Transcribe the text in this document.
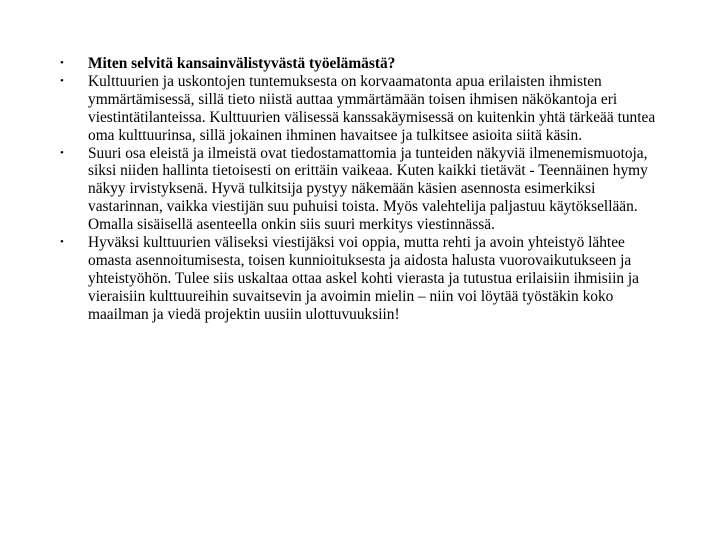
•	Miten selvitä kansainvälistyvästä työelämästä?
•	Kulttuurien ja uskontojen tuntemuksesta on korvaamatonta apua erilaisten ihmisten ymmärtämisessä, sillä tieto niistä auttaa ymmärtämään toisen ihmisen näkökantoja eri viestintätilanteissa. Kulttuurien välisessä kanssakäymisessä on kuitenkin yhtä tärkeää tuntea oma kulttuurinsa, sillä jokainen ihminen havaitsee ja tulkitsee asioita siitä käsin.
•	Suuri osa eleistä ja ilmeistä ovat tiedostamattomia ja tunteiden näkyviä ilmenemismuotoja, siksi niiden hallinta tietoisesti on erittäin vaikeaa. Kuten kaikki tietävät - Teennäinen hymy näkyy irvistyksenä. Hyvä tulkitsija pystyy näkemään käsien asennosta esimerkiksi vastarinnan, vaikka viestijän suu puhuisi toista. Myös valehtelija paljastuu käytöksellään. Omalla sisäisellä asenteella onkin siis suuri merkitys viestinnässä.
•	Hyväksi kulttuurien väliseksi viestijäksi voi oppia, mutta rehti ja avoin yhteistyö lähtee omasta asennoitumisesta, toisen kunnioituksesta ja aidosta halusta vuorovaikutukseen ja yhteistyöhön. Tulee siis uskaltaa ottaa askel kohti vierasta ja tutustua erilaisiin ihmisiin ja vieraisiin kulttuureihin suvaitsevin ja avoimin mielin – niin voi löytää työstäkin koko maailman ja viedä projektin uusiin ulottuvuuksiin!
